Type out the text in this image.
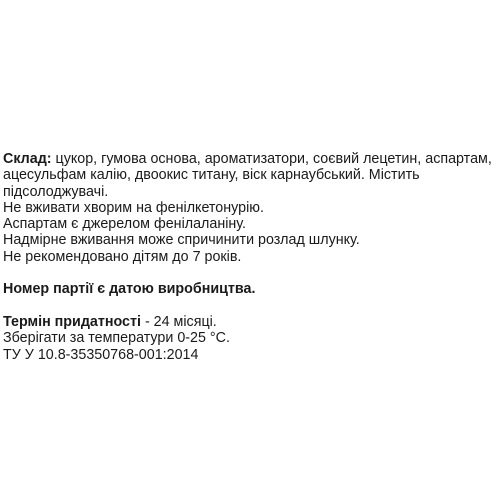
Склад: цукор, гумова основа, ароматизатори, соєвий лецетин, аспартам, ацесульфам калію, двоокис титану, віск карнаубський. Містить підсолоджувачі.

Не вживати хворим на фенілкетонурію.

Аспартам є джерелом фенілаланіну.

Надмірне вживання може спричинити розлад шлунку.

Не рекомендовано дітям до 7 років.

Номер партії є датою виробництва.

Термін придатності - 24 місяці.

Зберігати за температури 0-25 °С.

ТУ У 10.8-35350768-001:2014
